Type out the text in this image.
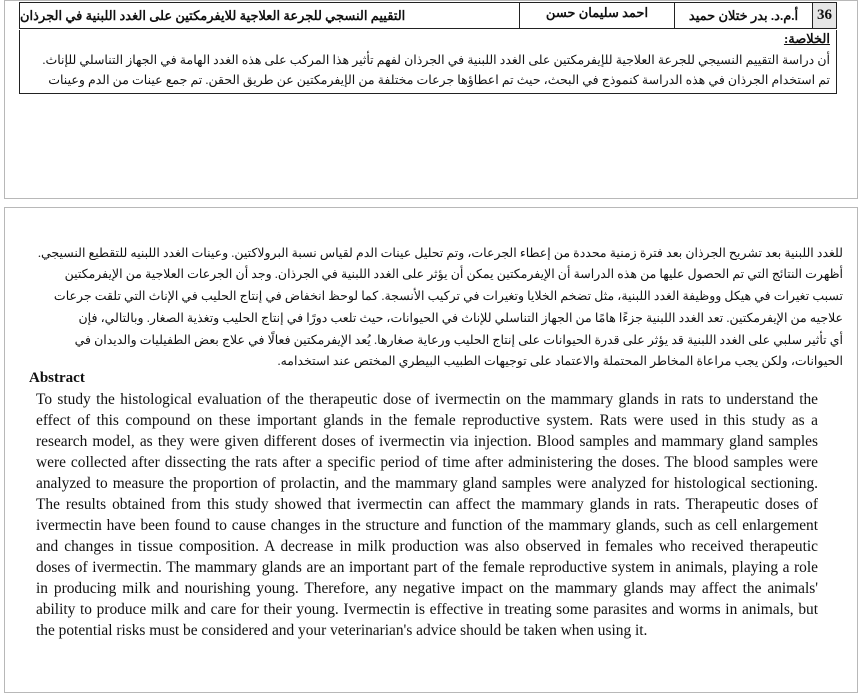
36
أ.م.د. بدر ختلان حميد
احمد سليمان حسن
التقييم النسجي للجرعة العلاجية للايفرمكتين على الغدد اللبنية في الجرذان
الخلاصة:
أن دراسة التقييم النسيجي للجرعة العلاجية للإيفرمكتين على الغدد اللبنية في الجرذان لفهم تأثير هذا المركب على هذه الغدد الهامة في الجهاز التناسلي للإناث.
تم استخدام الجرذان في هذه الدراسة كنموذج في البحث، حيث تم اعطاؤها جرعات مختلفة من الإيفرمكتين عن طريق الحقن. تم جمع عينات من الدم وعينات
للغدد اللبنية بعد تشريح الجرذان بعد فترة زمنية محددة من إعطاء الجرعات، وتم تحليل عينات الدم لقياس نسبة البرولاكتين. وعينات الغدد اللبنيه للتقطيع النسيجي.
أظهرت النتائج التي تم الحصول عليها من هذه الدراسة أن الإيفرمكتين يمكن أن يؤثر على الغدد اللبنية في الجرذان. وجد أن الجرعات العلاجية من الإيفرمكتين
تسبب تغيرات في هيكل ووظيفة الغدد اللبنية، مثل تضخم الخلايا وتغيرات في تركيب الأنسجة. كما لوحظ انخفاض في إنتاج الحليب في الإناث التي تلقت جرعات
علاجيه من الإيفرمكتين. تعد الغدد اللبنية جزءًا هامًا من الجهاز التناسلي للإناث في الحيوانات، حيث تلعب دورًا في إنتاج الحليب وتغذية الصغار. وبالتالي، فإن
أي تأثير سلبي على الغدد اللبنية قد يؤثر على قدرة الحيوانات على إنتاج الحليب ورعاية صغارها. يُعد الإيفرمكتين فعالًا في علاج بعض الطفيليات والديدان في
الحيوانات، ولكن يجب مراعاة المخاطر المحتملة والاعتماد على توجيهات الطبيب البيطري المختص عند استخدامه.
Abstract
To study the histological evaluation of the therapeutic dose of ivermectin on the mammary glands in rats to understand the effect of this compound on these important glands in the female reproductive system. Rats were used in this study as a research model, as they were given different doses of ivermectin via injection. Blood samples and mammary gland samples were collected after dissecting the rats after a specific period of time after administering the doses. The blood samples were analyzed to measure the proportion of prolactin, and the mammary gland samples were analyzed for histological sectioning. The results obtained from this study showed that ivermectin can affect the mammary glands in rats. Therapeutic doses of ivermectin have been found to cause changes in the structure and function of the mammary glands, such as cell enlargement and changes in tissue composition. A decrease in milk production was also observed in females who received therapeutic doses of ivermectin. The mammary glands are an important part of the female reproductive system in animals, playing a role in producing milk and nourishing young. Therefore, any negative impact on the mammary glands may affect the animals' ability to produce milk and care for their young. Ivermectin is effective in treating some parasites and worms in animals, but the potential risks must be considered and your veterinarian's advice should be taken when using it.
